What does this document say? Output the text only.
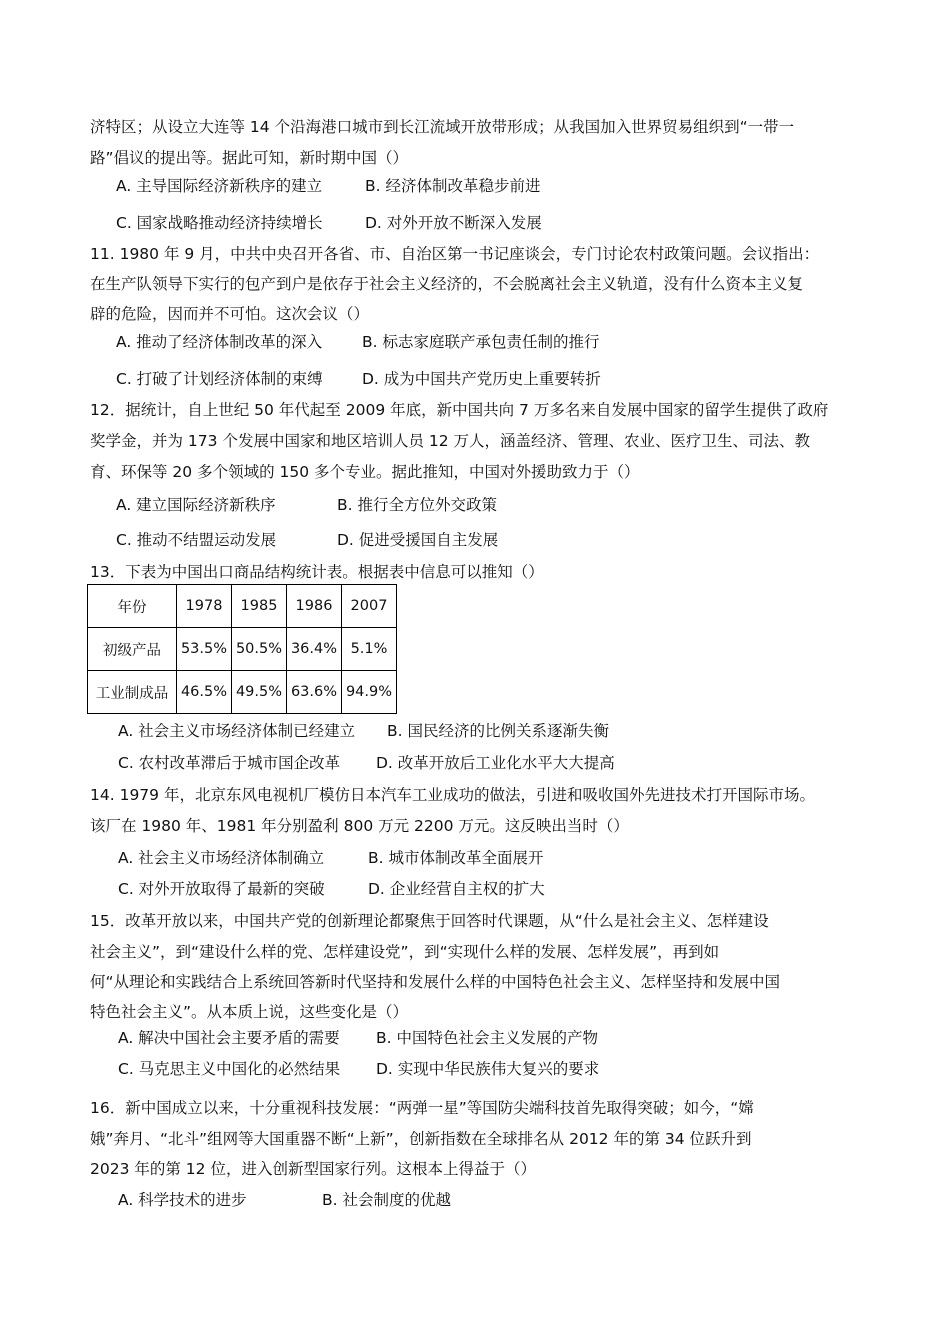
济特区；从设立大连等 14 个沿海港口城市到长江流域开放带形成；从我国加入世界贸易组织到“一带一
路”倡议的提出等。据此可知，新时期中国（）
A. 主导国际经济新秩序的建立	B. 经济体制改革稳步前进
C. 国家战略推动经济持续增长	D. 对外开放不断深入发展
11. 1980 年 9 月，中共中央召开各省、市、自治区第一书记座谈会，专门讨论农村政策问题。会议指出：
在生产队领导下实行的包产到户是依存于社会主义经济的，不会脱离社会主义轨道，没有什么资本主义复
辟的危险，因而并不可怕。这次会议（）
A. 推动了经济体制改革的深入	B. 标志家庭联产承包责任制的推行
C. 打破了计划经济体制的束缚	D. 成为中国共产党历史上重要转折
12．据统计，自上世纪 50 年代起至 2009 年底，新中国共向 7 万多名来自发展中国家的留学生提供了政府
奖学金，并为 173 个发展中国家和地区培训人员 12 万人，涵盖经济、管理、农业、医疗卫生、司法、教
育、环保等 20 多个领域的 150 多个专业。据此推知，中国对外援助致力于（）
A. 建立国际经济新秩序	B. 推行全方位外交政策
C. 推动不结盟运动发展	D. 促进受援国自主发展
13．下表为中国出口商品结构统计表。根据表中信息可以推知（）
年份	1978	1985	1986	2007
初级产品	53.5%	50.5%	36.4%	5.1%
工业制成品	46.5%	49.5%	63.6%	94.9%
A. 社会主义市场经济体制已经建立 B. 国民经济的比例关系逐渐失衡
C. 农村改革滞后于城市国企改革 D. 改革开放后工业化水平大大提高
14. 1979 年，北京东风电视机厂模仿日本汽车工业成功的做法，引进和吸收国外先进技术打开国际市场。
该厂在 1980 年、1981 年分别盈利 800 万元 2200 万元。这反映出当时（）
A. 社会主义市场经济体制确立	B. 城市体制改革全面展开
C. 对外开放取得了最新的突破	D. 企业经营自主权的扩大
15．改革开放以来，中国共产党的创新理论都聚焦于回答时代课题，从“什么是社会主义、怎样建设
社会主义”，到“建设什么样的党、怎样建设党”，到“实现什么样的发展、怎样发展”，再到如
何“从理论和实践结合上系统回答新时代坚持和发展什么样的中国特色社会主义、怎样坚持和发展中国
特色社会主义”。从本质上说，这些变化是（）
A. 解决中国社会主要矛盾的需要 B. 中国特色社会主义发展的产物
C. 马克思主义中国化的必然结果 D. 实现中华民族伟大复兴的要求
16．新中国成立以来，十分重视科技发展：“两弹一星”等国防尖端科技首先取得突破；如今，“嫦
娥”奔月、“北斗”组网等大国重器不断“上新”，创新指数在全球排名从 2012 年的第 34 位跃升到
2023 年的第 12 位，进入创新型国家行列。这根本上得益于（）
A. 科学技术的进步	B. 社会制度的优越
